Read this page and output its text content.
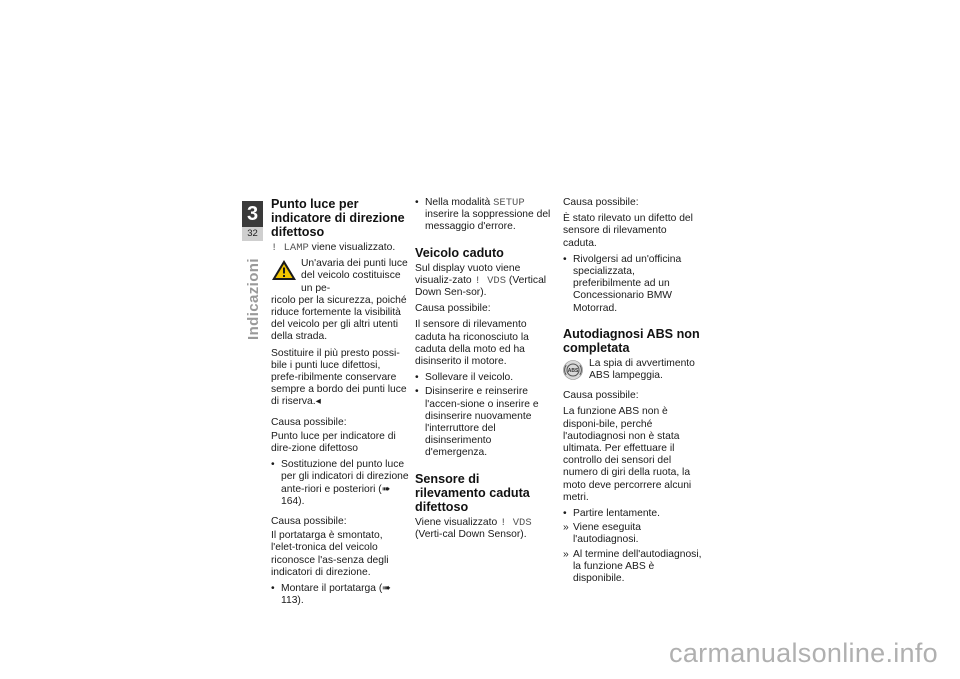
3
32
Indicazioni
Punto luce per indicatore di direzione difettoso

! LAMP viene visualizzato.

Un'avaria dei punti luce del veicolo costituisce un pe-

ricolo per la sicurezza, poiché riduce fortemente la visibilità del veicolo per gli altri utenti della strada.

Sostituire il più presto possi-bile i punti luce difettosi, prefe-ribilmente conservare sempre a bordo dei punti luce di riserva.◂

Causa possibile:

Punto luce per indicatore di dire-zione difettoso

• Sostituzione del punto luce per gli indicatori di direzione ante-riori e posteriori (➠ 164).

Causa possibile:

Il portatarga è smontato, l'elet-tronica del veicolo riconosce l'as-senza degli indicatori di direzione.

• Montare il portatarga (➠ 113).
• Nella modalità SETUP inserire la soppressione del messaggio d'errore.
Veicolo caduto

Sul display vuoto viene visualiz-zato ! VDS (Vertical Down Sen-sor).

Causa possibile:

Il sensore di rilevamento caduta ha riconosciuto la caduta della moto ed ha disinserito il motore.

• Sollevare il veicolo.
• Disinserire e reinserire l'accen-sione o inserire e disinserire nuovamente l'interruttore del disinserimento d'emergenza.
Sensore di rilevamento caduta difettoso

Viene visualizzato ! VDS (Verti-cal Down Sensor).

Causa possibile:

È stato rilevato un difetto del sensore di rilevamento caduta.

• Rivolgersi ad un'officina specializzata, preferibilmente ad un Concessionario BMW Motorrad.
Autodiagnosi ABS non completata
ABS
La spia di avvertimento ABS lampeggia.

Causa possibile:

La funzione ABS non è disponi-bile, perché l'autodiagnosi non è stata ultimata. Per effettuare il controllo dei sensori del numero di giri della ruota, la moto deve percorrere alcuni metri.

• Partire lentamente.
» Viene eseguita l'autodiagnosi.
» Al termine dell'autodiagnosi, la funzione ABS è disponibile.
carmanualsonline.info
